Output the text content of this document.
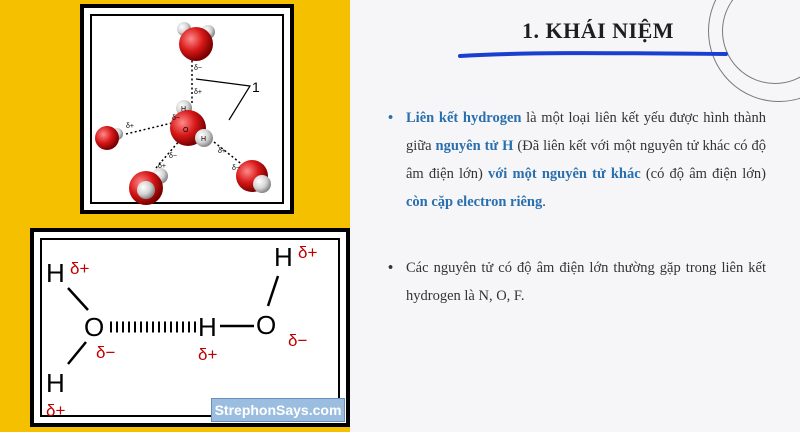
1
δ−
δ+
H
O
H
δ+
δ−
δ−
δ+
δ+
δ−
H δ+
O
δ−
H
δ+
H
δ+
O
δ−
H δ+
StrephonSays.com
1. KHÁI NIỆM
• Liên kết hydrogen là một loại liên kết yếu được hình thành giữa nguyên tử H (Đã liên kết với một nguyên tử khác có độ âm điện lớn) với một nguyên tử khác (có độ âm điện lớn) còn cặp electron riêng.
• Các nguyên tử có độ âm điện lớn thường gặp trong liên kết hydrogen là N, O, F.
